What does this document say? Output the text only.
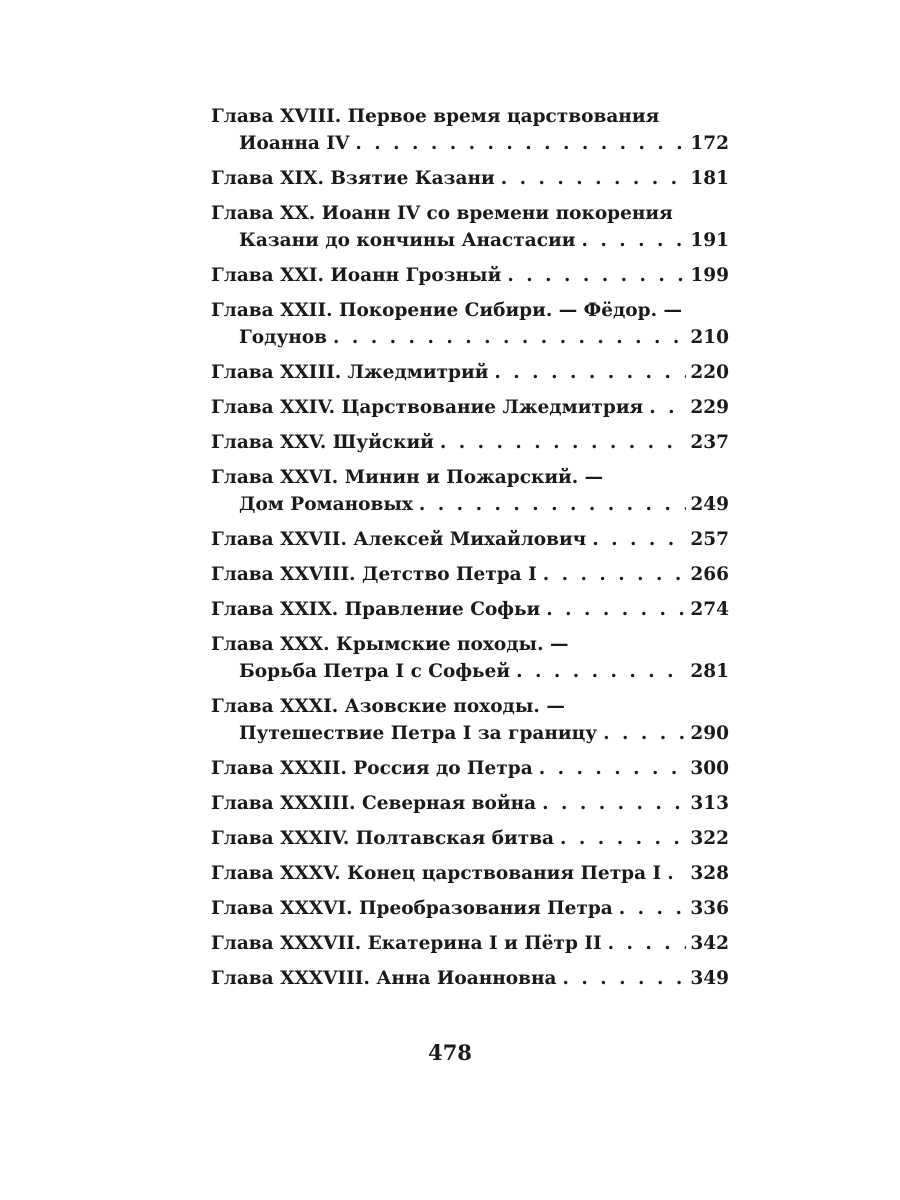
Глава XVIII. Первое время царствования
Иоанна IV . . .	172
Глава XIX. Взятие Казани . . .	181
Глава XX. Иоанн IV со времени покорения
Казани до кончины Анастасии . . .	191
Глава XXI. Иоанн Грозный . . .	199
Глава XXII. Покорение Сибири. — Фёдор. —
Годунов . . .	210
Глава XXIII. Лжедмитрий . . .	220
Глава XXIV. Царствование Лжедмитрия . . .	229
Глава XXV. Шуйский . . .	237
Глава XXVI. Минин и Пожарский. —
Дом Романовых . . .	249
Глава XXVII. Алексей Михайлович . . .	257
Глава XXVIII. Детство Петра I . . .	266
Глава XXIX. Правление Софьи . . .	274
Глава XXX. Крымские походы. —
Борьба Петра I с Софьей . . .	281
Глава XXXI. Азовские походы. —
Путешествие Петра I за границу . . .	290
Глава XXXII. Россия до Петра . . .	300
Глава XXXIII. Северная война . . .	313
Глава XXXIV. Полтавская битва . . .	322
Глава XXXV. Конец царствования Петра I . . . 328
Глава XXXVI. Преобразования Петра . . .	336
Глава XXXVII. Екатерина I и Пётр II . . .	342
Глава XXXVIII. Анна Иоанновна . . .	349
478
